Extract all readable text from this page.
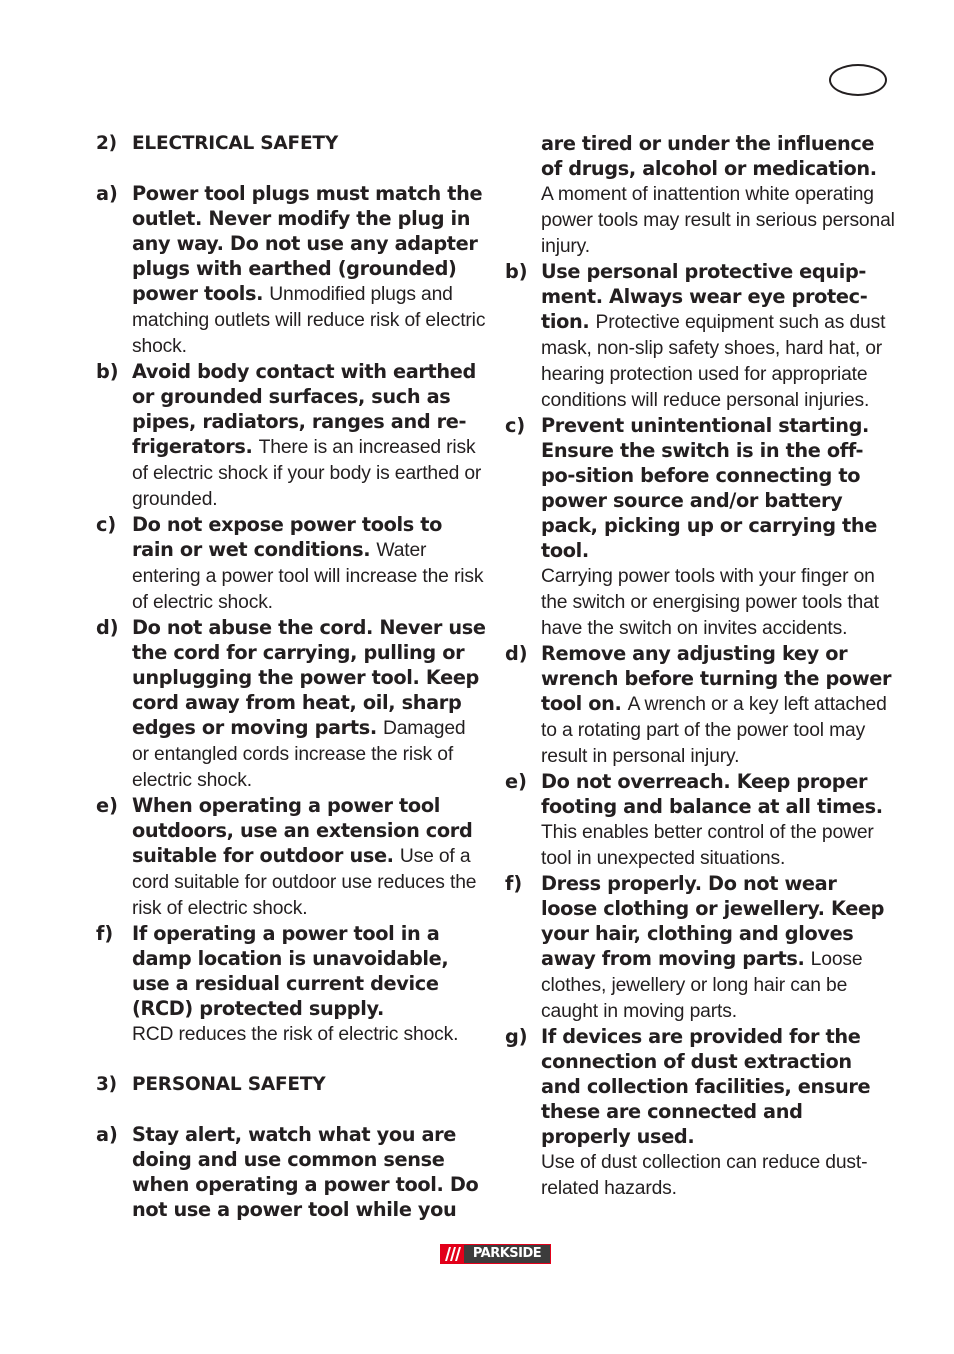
2) ELECTRICAL SAFETY
a) Power tool plugs must match the outlet. Never modify the plug in any way. Do not use any adapter plugs with earthed (grounded) power tools. Unmodified plugs and matching outlets will reduce risk of electric shock.
b) Avoid body contact with earthed or grounded surfaces, such as pipes, radiators, ranges and re-frigerators. There is an increased risk of electric shock if your body is earthed or grounded.
c) Do not expose power tools to rain or wet conditions. Water entering a power tool will increase the risk of electric shock.
d) Do not abuse the cord. Never use the cord for carrying, pulling or unplugging the power tool. Keep cord away from heat, oil, sharp edges or moving parts. Damaged or entangled cords increase the risk of electric shock.
e) When operating a power tool outdoors, use an extension cord suitable for outdoor use. Use of a cord suitable for outdoor use reduces the risk of electric shock.
f) If operating a power tool in a damp location is unavoidable, use a residual current device (RCD) protected supply.
RCD reduces the risk of electric shock.
3) PERSONAL SAFETY
a) Stay alert, watch what you are doing and use common sense when operating a power tool. Do not use a power tool while you
are tired or under the influence of drugs, alcohol or medication.
A moment of inattention white operating power tools may result in serious personal injury.
b) Use personal protective equip-ment. Always wear eye protec-tion. Protective equipment such as dust mask, non-slip safety shoes, hard hat, or hearing protection used for appropriate conditions will reduce personal injuries.
c) Prevent unintentional starting. Ensure the switch is in the off-po-sition before connecting to power source and/or battery pack, picking up or carrying the tool.
Carrying power tools with your finger on the switch or energising power tools that have the switch on invites accidents.
d) Remove any adjusting key or wrench before turning the power tool on. A wrench or a key left attached to a rotating part of the power tool may result in personal injury.
e) Do not overreach. Keep proper footing and balance at all times.
This enables better control of the power tool in unexpected situations.
f) Dress properly. Do not wear loose clothing or jewellery. Keep your hair, clothing and gloves away from moving parts. Loose clothes, jewellery or long hair can be caught in moving parts.
g) If devices are provided for the connection of dust extraction and collection facilities, ensure these are connected and properly used.
Use of dust collection can reduce dust-related hazards.
PARKSIDE
